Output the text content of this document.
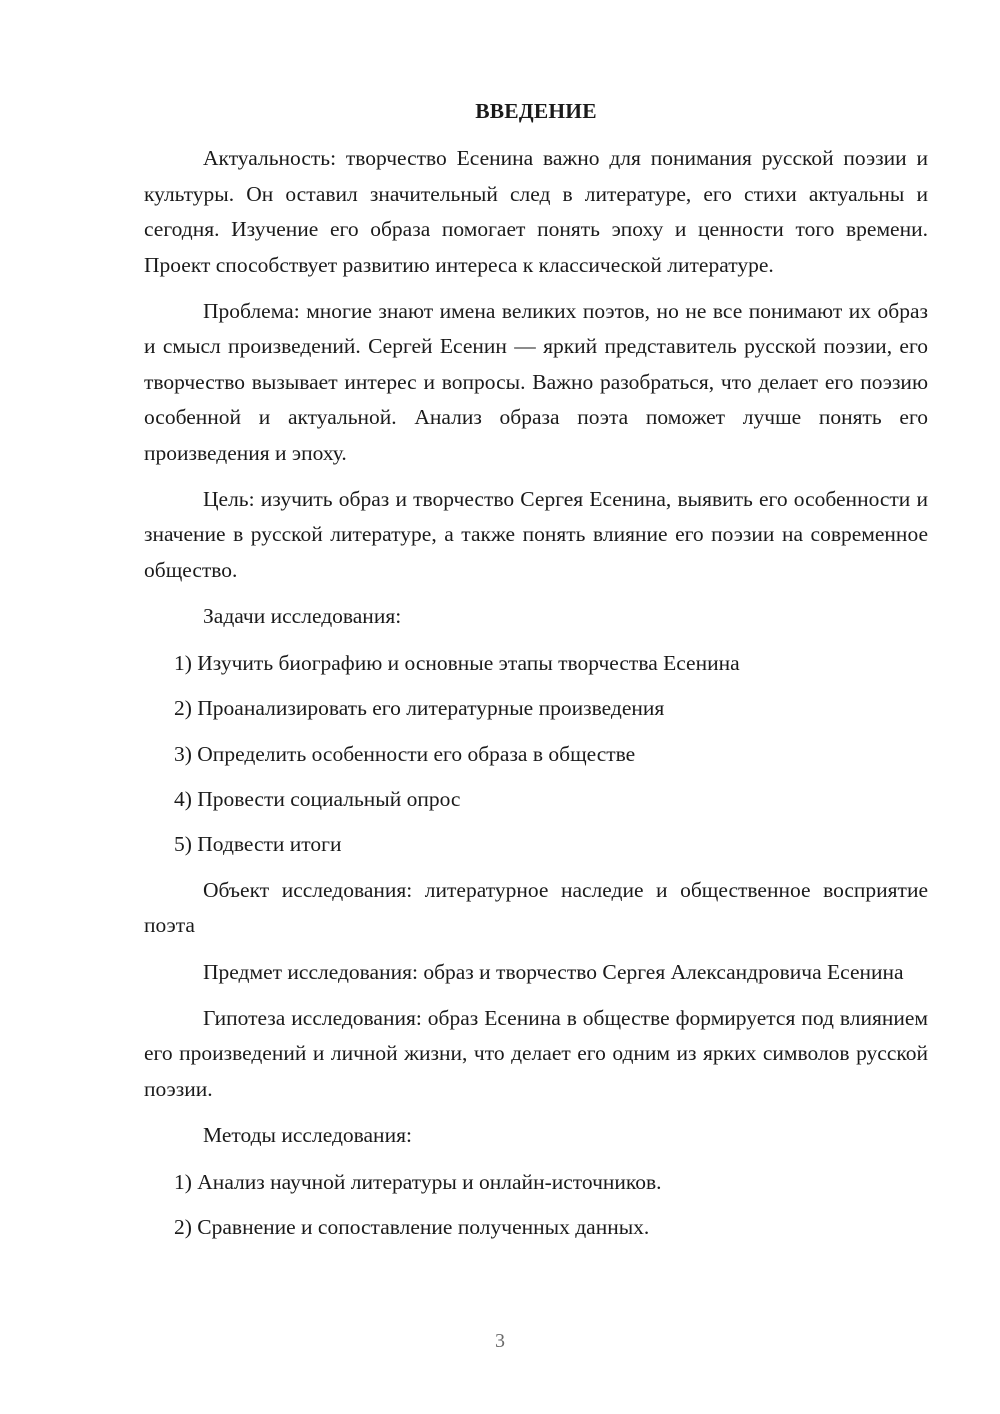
ВВЕДЕНИЕ

Актуальность: творчество Есенина важно для понимания русской поэзии и культуры. Он оставил значительный след в литературе, его стихи актуальны и сегодня. Изучение его образа помогает понять эпоху и ценности того времени. Проект способствует развитию интереса к классической литературе.

Проблема: многие знают имена великих поэтов, но не все понимают их образ и смысл произведений. Сергей Есенин — яркий представитель русской поэзии, его творчество вызывает интерес и вопросы. Важно разобраться, что делает его поэзию особенной и актуальной. Анализ образа поэта поможет лучше понять его произведения и эпоху.

Цель: изучить образ и творчество Сергея Есенина, выявить его особенности и значение в русской литературе, а также понять влияние его поэзии на современное общество.

Задачи исследования:

1) Изучить биографию и основные этапы творчества Есенина
2) Проанализировать его литературные произведения
3) Определить особенности его образа в обществе
4) Провести социальный опрос
5) Подвести итоги

Объект исследования: литературное наследие и общественное восприятие поэта

Предмет исследования: образ и творчество Сергея Александровича Есенина

Гипотеза исследования: образ Есенина в обществе формируется под влиянием его произведений и личной жизни, что делает его одним из ярких символов русской поэзии.

Методы исследования:

1) Анализ научной литературы и онлайн-источников.
2) Сравнение и сопоставление полученных данных.
3
